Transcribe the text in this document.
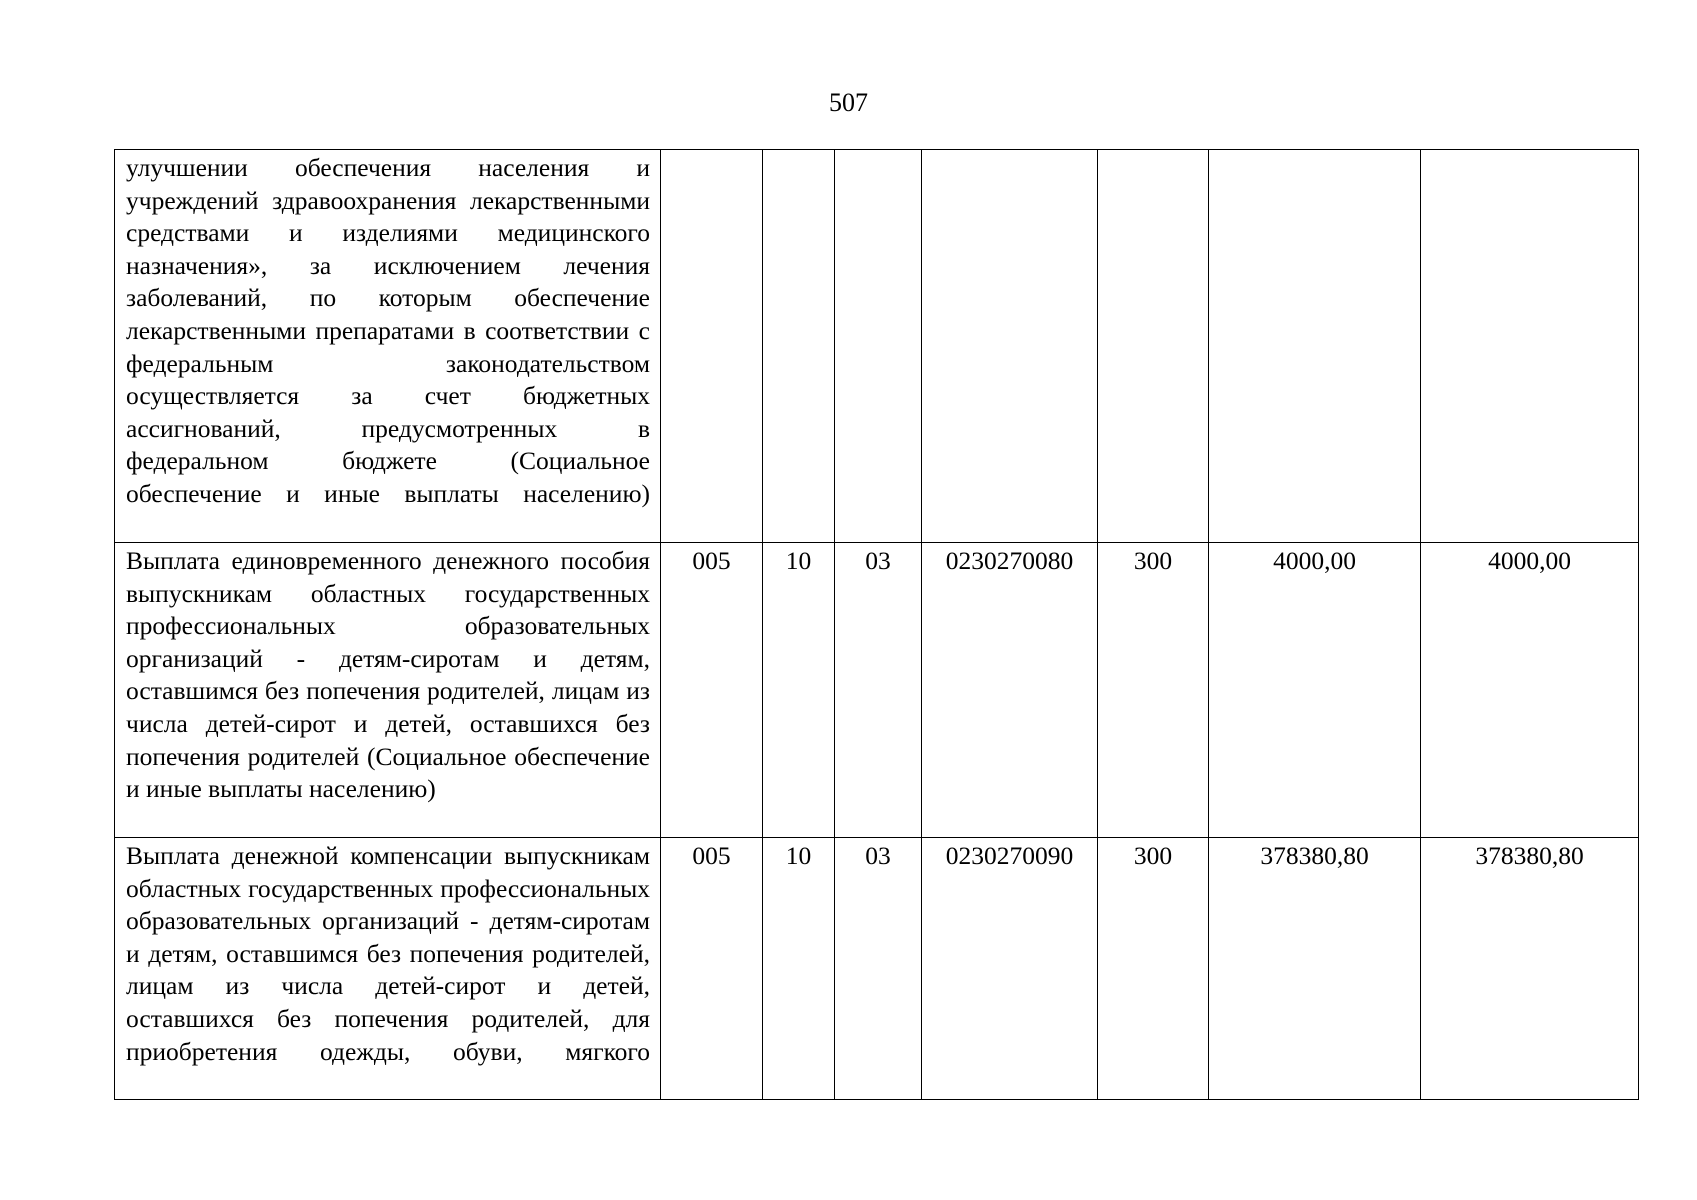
507
улучшении обеспечения населения и учреждений здравоохранения лекарственными средствами и изделиями медицинского назначения», за исключением лечения заболеваний, по которым обеспечение лекарственными препаратами в соответствии с федеральным законодательством осуществляется за счет бюджетных ассигнований, предусмотренных в федеральном бюджете (Социальное обеспечение и иные выплаты населению)							
Выплата единовременного денежного пособия выпускникам областных государственных профессиональных образовательных организаций - детям-сиротам и детям, оставшимся без попечения родителей, лицам из числа детей-сирот и детей, оставшихся без попечения родителей (Социальное обеспечение и иные выплаты населению)	005	10	03	0230270080	300	4000,00	4000,00
Выплата денежной компенсации выпускникам областных государственных профессиональных образовательных организаций - детям-сиротам и детям, оставшимся без попечения родителей, лицам из числа детей-сирот и детей, оставшихся без попечения родителей, для приобретения одежды, обуви, мягкого	005	10	03	0230270090	300	378380,80	378380,80
